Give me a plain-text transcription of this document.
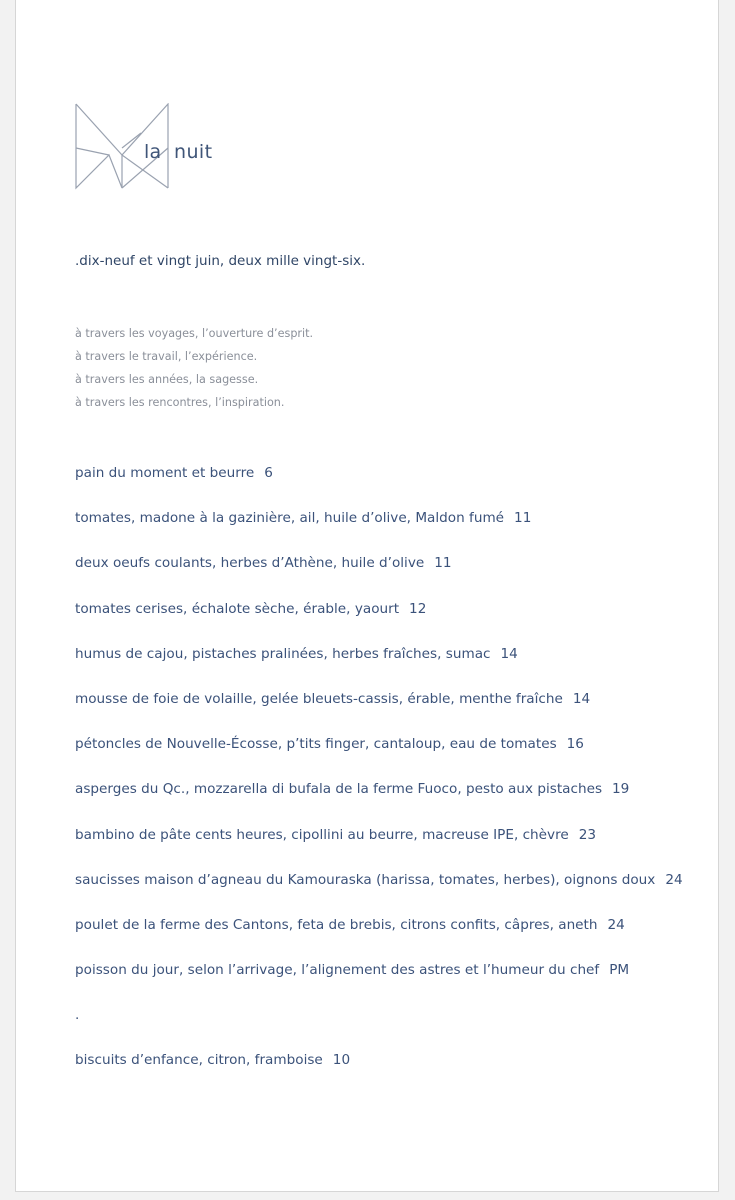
la nuit
.dix-neuf et vingt juin, deux mille vingt-six.
à travers les voyages, l’ouverture d’esprit.
à travers le travail, l’expérience.
à travers les années, la sagesse.
à travers les rencontres, l’inspiration.
pain du moment et beurre 6
tomates, madone à la gazinière, ail, huile d’olive, Maldon fumé 11
deux oeufs coulants, herbes d’Athène, huile d’olive 11
tomates cerises, échalote sèche, érable, yaourt 12
humus de cajou, pistaches pralinées, herbes fraîches, sumac 14
mousse de foie de volaille, gelée bleuets-cassis, érable, menthe fraîche 14
pétoncles de Nouvelle-Écosse, p’tits finger, cantaloup, eau de tomates 16
asperges du Qc., mozzarella di bufala de la ferme Fuoco, pesto aux pistaches 19
bambino de pâte cents heures, cipollini au beurre, macreuse IPE, chèvre 23
saucisses maison d’agneau du Kamouraska (harissa, tomates, herbes), oignons doux 24
poulet de la ferme des Cantons, feta de brebis, citrons confits, câpres, aneth 24
poisson du jour, selon l’arrivage, l’alignement des astres et l’humeur du chef PM
.
biscuits d’enfance, citron, framboise 10
